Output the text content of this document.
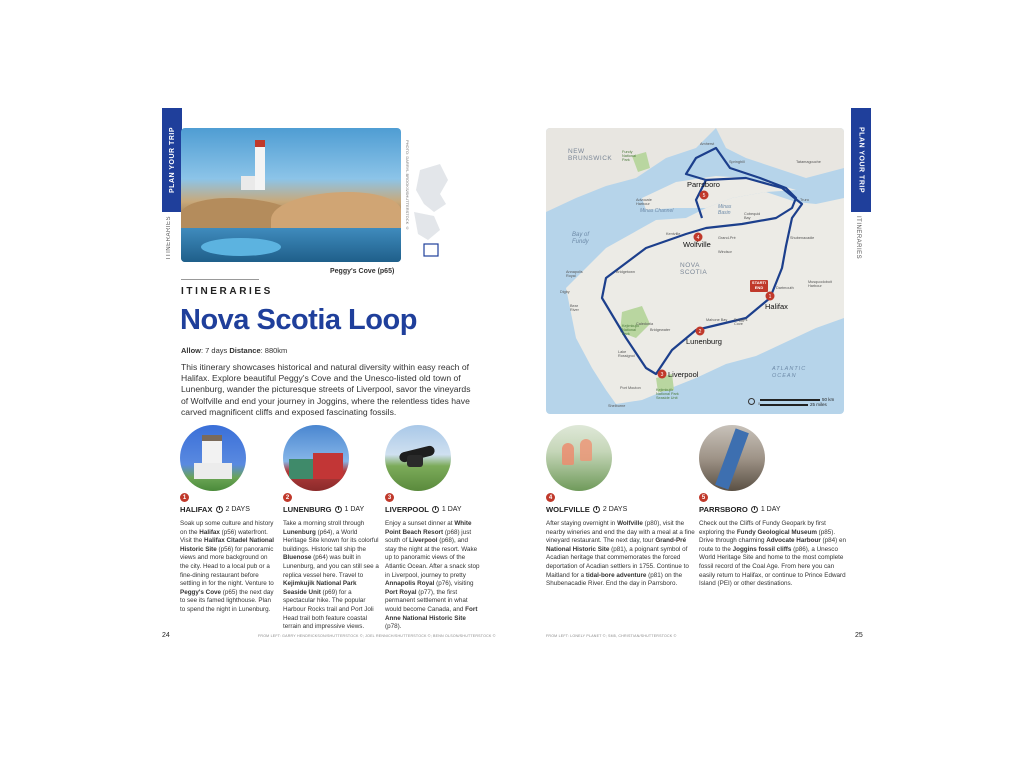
PLAN YOUR TRIP
ITINERARIES
PLAN YOUR TRIP
ITINERARIES
PHOTO: DARRYL BROOKS/SHUTTERSTOCK ©
Peggy's Cove (p65)
ITINERARIES
Nova Scotia Loop
Allow: 7 days Distance: 880km
This itinerary showcases historical and natural diversity within easy reach of Halifax. Explore beautiful Peggy's Cove and the Unesco-listed old town of Lunenburg, wander the picturesque streets of Liverpool, savor the vineyards of Wolfville and end your journey in Joggins, where the relentless tides have carved magnificent cliffs and exposed fascinating fossils.
1
HALIFAX 2 DAYS
Soak up some culture and history on the Halifax (p56) waterfront. Visit the Halifax Citadel National Historic Site (p56) for panoramic views and more background on the city. Head to a local pub or a fine-dining restaurant before settling in for the night. Venture to Peggy's Cove (p65) the next day to see its famed lighthouse. Plan to spend the night in Lunenburg.
2
LUNENBURG 1 DAY
Take a morning stroll through Lunenburg (p64), a World Heritage Site known for its colorful buildings. Historic tall ship the Bluenose (p64) was built in Lunenburg, and you can still see a replica vessel here. Travel to Kejimkujik National Park Seaside Unit (p69) for a spectacular hike. The popular Harbour Rocks trail and Port Joli Head trail both feature coastal terrain and impressive views.
3
LIVERPOOL 1 DAY
Enjoy a sunset dinner at White Point Beach Resort (p68) just south of Liverpool (p68), and stay the night at the resort. Wake up to panoramic views of the Atlantic Ocean. After a snack stop in Liverpool, journey to pretty Annapolis Royal (p76), visiting Port Royal (p77), the first permanent settlement in what would become Canada, and Fort Anne National Historic Site (p78).
4
WOLFVILLE 2 DAYS
After staying overnight in Wolfville (p80), visit the nearby wineries and end the day with a meal at a fine vineyard restaurant. The next day, tour Grand-Pré National Historic Site (p81), a poignant symbol of Acadian heritage that commemorates the forced deportation of Acadian settlers in 1755. Continue to Maitland for a tidal-bore adventure (p81) on the Shubenacadie River. End the day in Parrsboro.
5
PARRSBORO 1 DAY
Check out the Cliffs of Fundy Geopark by first exploring the Fundy Geological Museum (p85). Drive through charming Advocate Harbour (p84) en route to the Joggins fossil cliffs (p86), a Unesco World Heritage Site and home to the most complete fossil record of the Coal Age. From here you can easily return to Halifax, or continue to Prince Edward Island (PEI) or other destinations.
1
2
3
4
5
NEW
BRUNSWICK
NOVA
SCOTIA
Bay of
Fundy
Minas Channel
Minas
Basin
ATLANTIC
OCEAN
Parrsboro
Wolfville
Halifax
Lunenburg
Liverpool
Advocate
Harbour
Springhill	Tatamagouche
Amherst
Truro
Shubenacadie
Windsor
Grand-Pré
Kentville
Bridgetown
Annapolis
Royal
Digby
Bear
River
Kejimkujik
National
Park
Caledonia
Lake
Rossignol
Bridgewater
Mahone Bay Peggy's
Cove
Dartmouth
Musquodoboit
Harbour
Port Mouton	Kejimkujik
National Park
Seaside Unit
Shelburne
Fundy
National
Park
Cobequid
Bay
START/
END
50 km
25 miles
0
24	25
FROM LEFT: GARRY HENDRICKSON/SHUTTERSTOCK ©; JOEL RENNICH/SHUTTERSTOCK ©; BENN OLSON/SHUTTERSTOCK ©	FROM LEFT: LONELY PLANET ©; SM5, CHRISTIAN/SHUTTERSTOCK ©
